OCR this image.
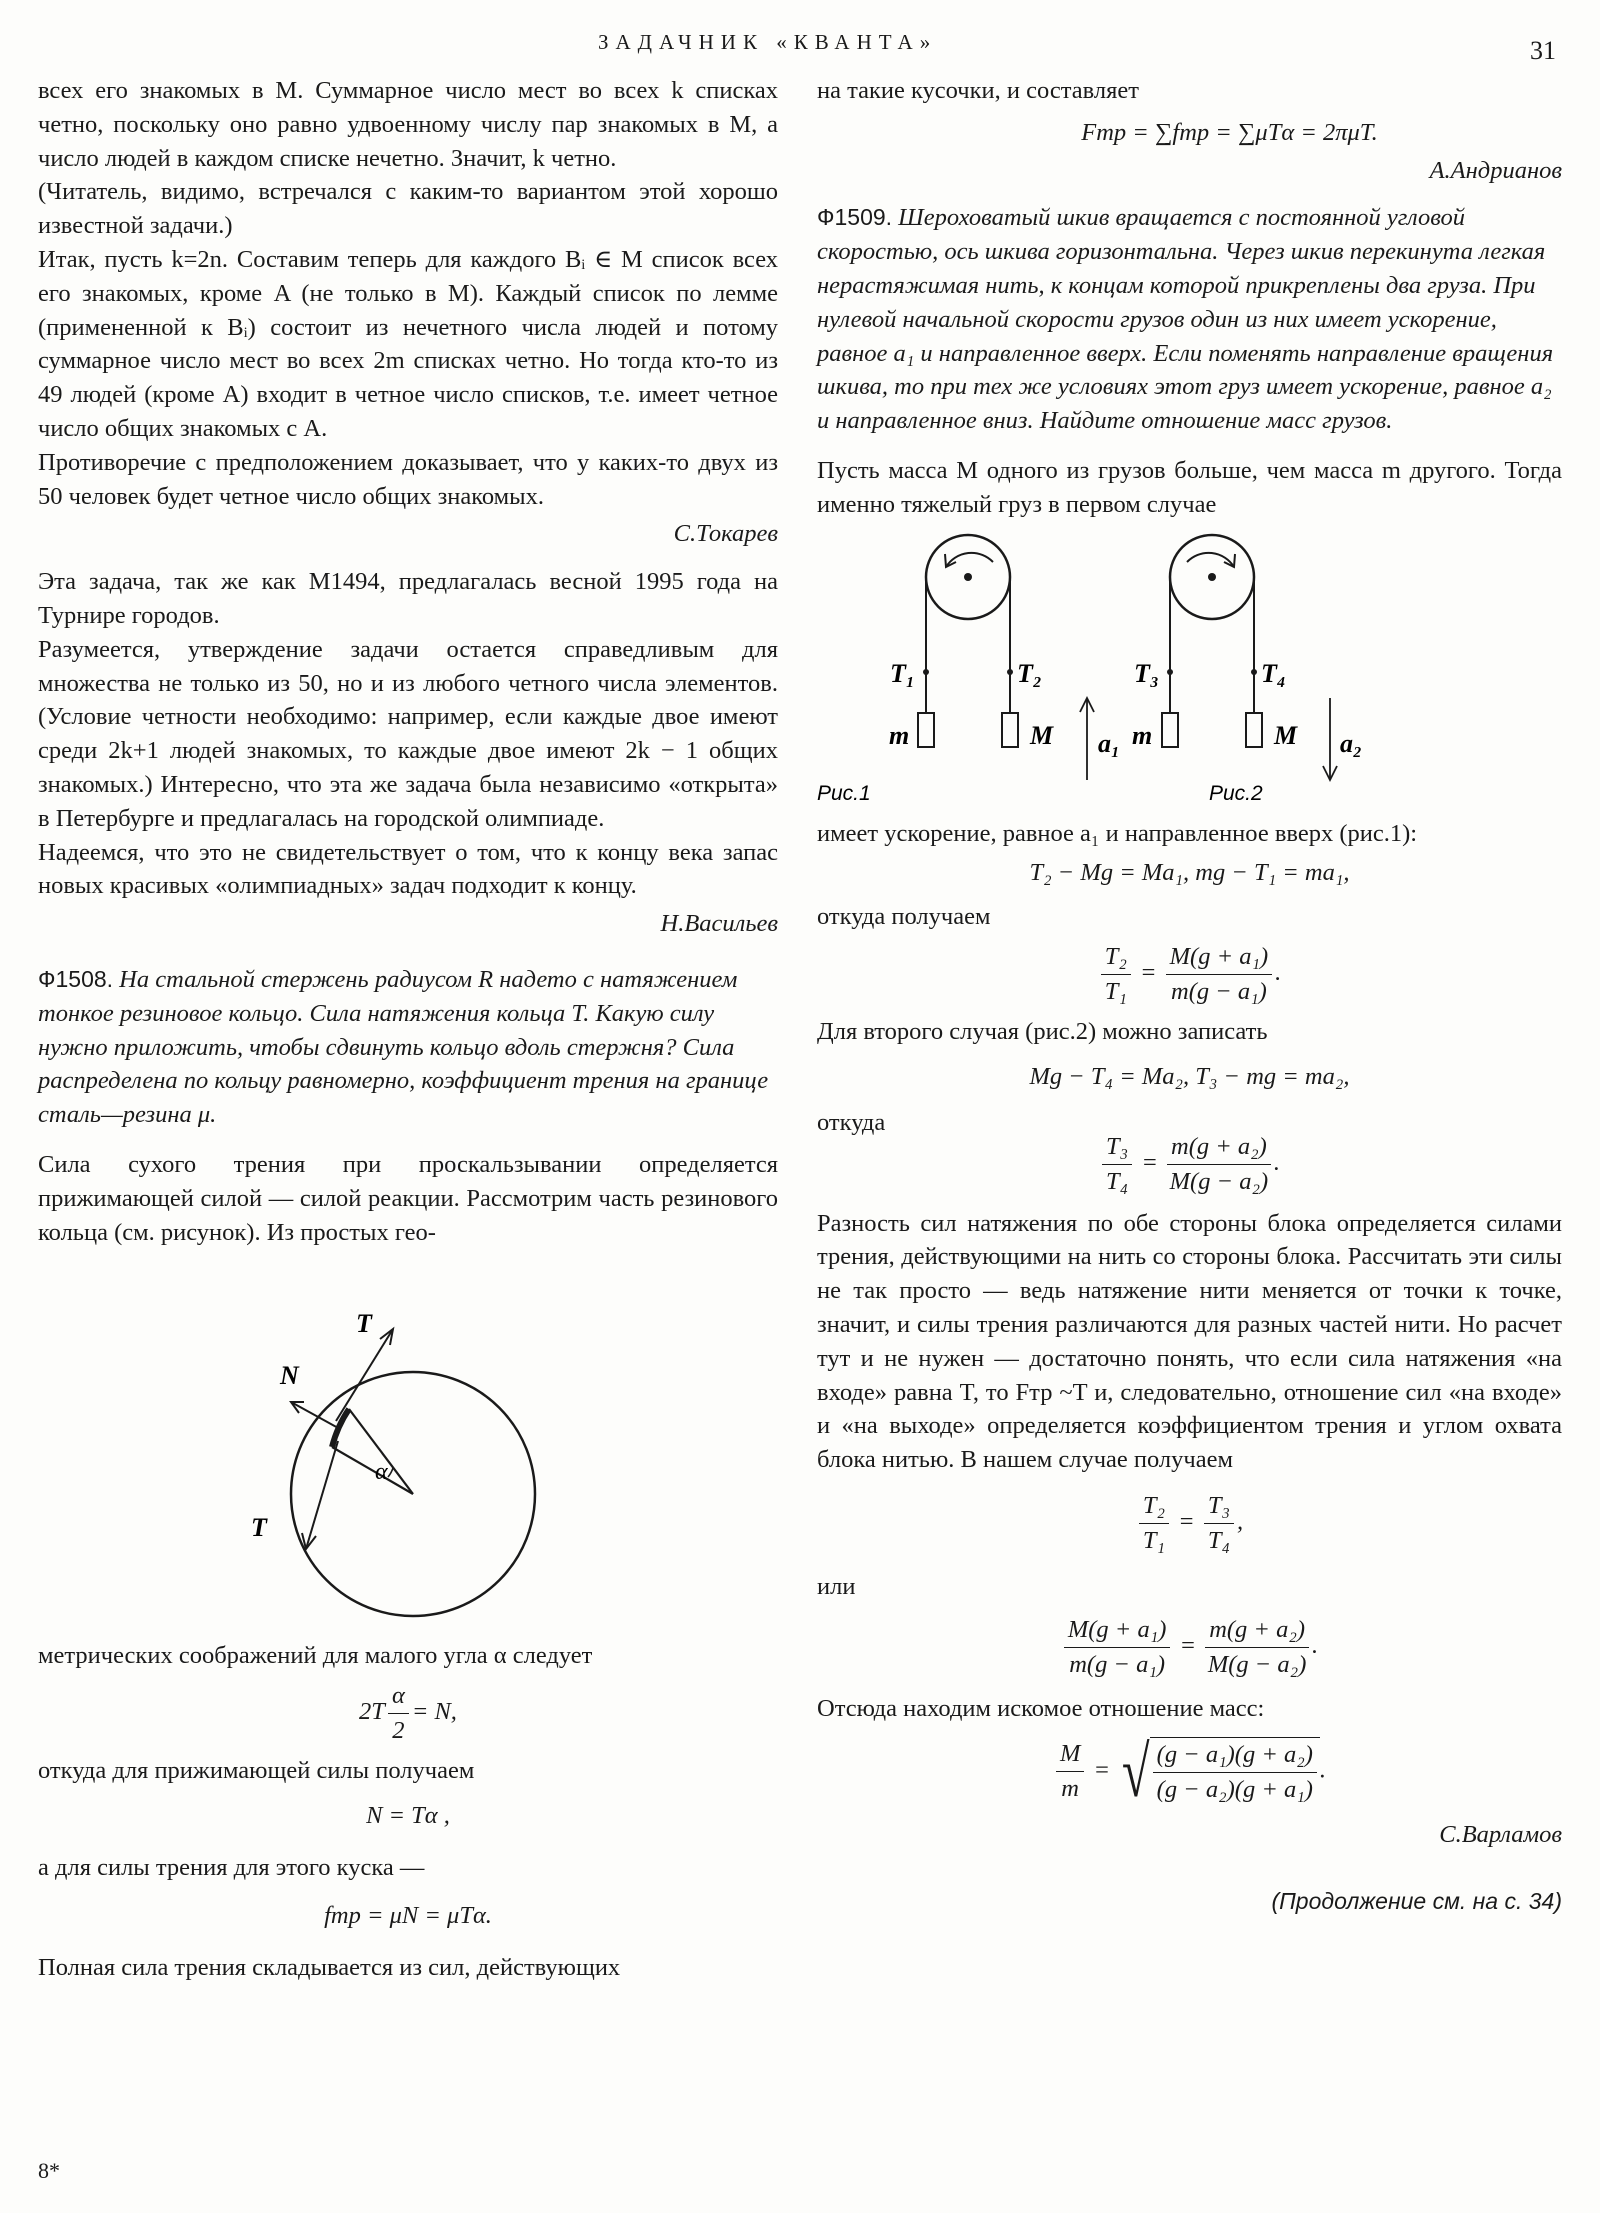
ЗАДАЧНИК «КВАНТА»	31

всех его знакомых в M. Суммарное число мест во всех k списках четно, поскольку оно равно удвоенному числу пар знакомых в M, а число людей в каждом списке нечетно. Значит, k четно.

(Читатель, видимо, встречался с каким-то вариантом этой хорошо известной задачи.)

Итак, пусть k=2n. Составим теперь для каждого Bᵢ ∈ M список всех его знакомых, кроме A (не только в M). Каждый список по лемме (примененной к Bᵢ) состоит из нечетного числа людей и потому суммарное число мест во всех 2m списках четно. Но тогда кто-то из 49 людей (кроме A) входит в четное число списков, т.е. имеет четное число общих знакомых с A.

Противоречие с предположением доказывает, что у каких-то двух из 50 человек будет четное число общих знакомых.

С.Токарев

Эта задача, так же как М1494, предлагалась весной 1995 года на Турнире городов.

Разумеется, утверждение задачи остается справедливым для множества не только из 50, но и из любого четного числа элементов. (Условие четности необходимо: например, если каждые двое имеют среди 2k+1 людей знакомых, то каждые двое имеют 2k − 1 общих знакомых.) Интересно, что эта же задача была независимо «открыта» в Петербурге и предлагалась на городской олимпиаде.

Надеемся, что это не свидетельствует о том, что к концу века запас новых красивых «олимпиадных» задач подходит к концу.

Н.Васильев

Ф1508. На стальной стержень радиусом R надето с натяжением тонкое резиновое кольцо. Сила натяжения кольца T. Какую силу нужно приложить, чтобы сдвинуть кольцо вдоль стержня? Сила распределена по кольцу равномерно, коэффициент трения на границе сталь—резина μ.

Сила сухого трения при проскальзывании определяется прижимающей силой — силой реакции. Рассмотрим часть резинового кольца (см. рисунок). Из простых гео-

T
N
α
T

метрических соображений для малого угла α следует

$2T \frac{\alpha}{2} = N$,

откуда для прижимающей силы получаем

N = Tα ,

а для силы трения для этого куска —

fтр = μN = μTα.

Полная сила трения складывается из сил, действующих

на такие кусочки, и составляет

Fтр = ∑fтр = ∑μTα = 2πμT.
А.Андрианов

Ф1509. Шероховатый шкив вращается с постоянной угловой скоростью, ось шкива горизонтальна. Через шкив перекинута легкая нерастяжимая нить, к концам которой прикреплены два груза. При нулевой начальной скорости грузов один из них имеет ускорение, равное a₁ и направленное вверх. Если поменять направление вращения шкива, то при тех же условиях этот груз имеет ускорение, равное a₂ и направленное вниз. Найдите отношение масс грузов.

Пусть масса M одного из грузов больше, чем масса m другого. Тогда именно тяжелый груз в первом случае

T₁	T₂
m	M a₁
Рис.1
T₃	T₄
m	M a₂
Рис.2

имеет ускорение, равное a₁ и направленное вверх (рис.1):

T₂ − Mg = Ma₁, mg − T₁ = ma₁,

откуда получаем

$\frac{\text{T₂}}{\text{T₁}} = \frac{\text{M(g + a₁)}}{\text{m(g − a₁)}}$ .

Для второго случая (рис.2) можно записать

Mg − T₄ = Ma₂, T₃ − mg = ma₂,

откуда

$\frac{\text{T₃}}{\text{T₄}} = \frac{\text{m(g + a₂)}}{\text{M(g − a₂)}}$ .

Разность сил натяжения по обе стороны блока определяется силами трения, действующими на нить со стороны блока. Рассчитать эти силы не так просто — ведь натяжение нити меняется от точки к точке, значит, и силы трения различаются для разных частей нити. Но расчет тут и не нужен — достаточно понять, что если сила натяжения «на входе» равна T, то Fтр ~T и, следовательно, отношение сил «на входе» и «на выходе» определяется коэффициентом трения и углом охвата блока нитью. В нашем случае получаем

$\frac{\text{T₂}}{\text{T₁}} = \frac{\text{T₃}}{\text{T₄}}$ ,

или

$\frac{\text{M(g + a₁)}}{\text{m(g − a₁)}} = \frac{\text{m(g + a₂)}}{\text{M(g − a₂)}}$ .

Отсюда находим искомое отношение масс:

$\frac{M}{m}$ = √ $\frac{\text{(g − a₁)(g + a₂)}}{\text{(g − a₂)(g + a₁)}}$ .
С.Варламов
(Продолжение см. на с. 34)
8*
